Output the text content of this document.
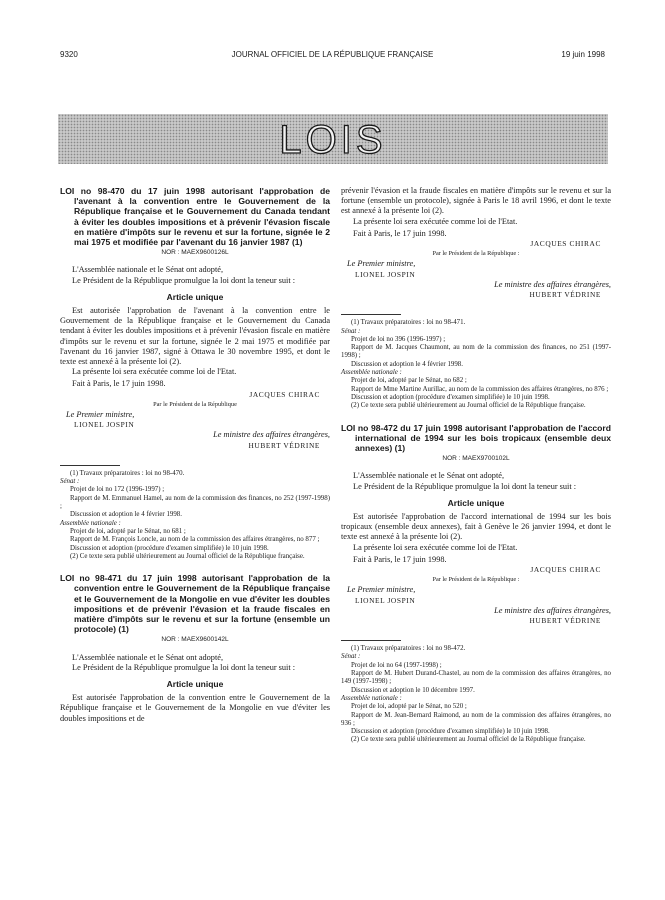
9320	JOURNAL OFFICIEL DE LA RÉPUBLIQUE FRANÇAISE	19 juin 1998
LOIS
LOI no 98-470 du 17 juin 1998 autorisant l'approbation de l'avenant à la convention entre le Gouvernement de la République française et le Gouvernement du Canada tendant à éviter les doubles impositions et à prévenir l'évasion fiscale en matière d'impôts sur le revenu et sur la fortune, signée le 2 mai 1975 et modifiée par l'avenant du 16 janvier 1987 (1)
NOR : MAEX9600126L

L'Assemblée nationale et le Sénat ont adopté,

Le Président de la République promulgue la loi dont la teneur suit :

Article unique

Est autorisée l'approbation de l'avenant à la convention entre le Gouvernement de la République française et le Gouvernement du Canada tendant à éviter les doubles impositions et à prévenir l'évasion fiscale en matière d'impôts sur le revenu et sur la fortune, signée le 2 mai 1975 et modifiée par l'avenant du 16 janvier 1987, signé à Ottawa le 30 novembre 1995, et dont le texte est annexé à la présente loi (2).

La présente loi sera exécutée comme loi de l'Etat.

Fait à Paris, le 17 juin 1998.

JACQUES CHIRAC
Par le Président de la République
Le Premier ministre,
LIONEL JOSPIN
Le ministre des affaires étrangères,
HUBERT VÉDRINE
(1) Travaux préparatoires : loi no 98-470.
Sénat :
Projet de loi no 172 (1996-1997) ;
Rapport de M. Emmanuel Hamel, au nom de la commission des finances, no 252 (1997-1998) ;
Discussion et adoption le 4 février 1998.
Assemblée nationale :
Projet de loi, adopté par le Sénat, no 681 ;
Rapport de M. François Loncle, au nom de la commission des affaires étrangères, no 877 ;
Discussion et adoption (procédure d'examen simplifiée) le 10 juin 1998.
(2) Ce texte sera publié ultérieurement au Journal officiel de la République française.
LOI no 98-471 du 17 juin 1998 autorisant l'approbation de la convention entre le Gouvernement de la République française et le Gouvernement de la Mongolie en vue d'éviter les doubles impositions et de prévenir l'évasion et la fraude fiscales en matière d'impôts sur le revenu et sur la fortune (ensemble un protocole) (1)
NOR : MAEX9600142L

L'Assemblée nationale et le Sénat ont adopté,

Le Président de la République promulgue la loi dont la teneur suit :

Article unique

Est autorisée l'approbation de la convention entre le Gouvernement de la République française et le Gouvernement de la Mongolie en vue d'éviter les doubles impositions et de

prévenir l'évasion et la fraude fiscales en matière d'impôts sur le revenu et sur la fortune (ensemble un protocole), signée à Paris le 18 avril 1996, et dont le texte est annexé à la présente loi (2).

La présente loi sera exécutée comme loi de l'Etat.

Fait à Paris, le 17 juin 1998.

JACQUES CHIRAC
Par le Président de la République :
Le Premier ministre,
LIONEL JOSPIN
Le ministre des affaires étrangères,
HUBERT VÉDRINE
(1) Travaux préparatoires : loi no 98-471.
Sénat :
Projet de loi no 396 (1996-1997) ;
Rapport de M. Jacques Chaumont, au nom de la commission des finances, no 251 (1997-1998) ;
Discussion et adoption le 4 février 1998.
Assemblée nationale :
Projet de loi, adopté par le Sénat, no 682 ;
Rapport de Mme Martine Aurillac, au nom de la commission des affaires étrangères, no 876 ;
Discussion et adoption (procédure d'examen simplifiée) le 10 juin 1998.
(2) Ce texte sera publié ultérieurement au Journal officiel de la République française.
LOI no 98-472 du 17 juin 1998 autorisant l'approbation de l'accord international de 1994 sur les bois tropicaux (ensemble deux annexes) (1)
NOR : MAEX9700102L

L'Assemblée nationale et le Sénat ont adopté,

Le Président de la République promulgue la loi dont la teneur suit :

Article unique

Est autorisée l'approbation de l'accord international de 1994 sur les bois tropicaux (ensemble deux annexes), fait à Genève le 26 janvier 1994, et dont le texte est annexé à la présente loi (2).

La présente loi sera exécutée comme loi de l'Etat.

Fait à Paris, le 17 juin 1998.

JACQUES CHIRAC
Par le Président de la République :
Le Premier ministre,
LIONEL JOSPIN
Le ministre des affaires étrangères,
HUBERT VÉDRINE
(1) Travaux préparatoires : loi no 98-472.
Sénat :
Projet de loi no 64 (1997-1998) ;
Rapport de M. Hubert Durand-Chastel, au nom de la commission des affaires étrangères, no 149 (1997-1998) ;
Discussion et adoption le 10 décembre 1997.
Assemblée nationale :
Projet de loi, adopté par le Sénat, no 520 ;
Rapport de M. Jean-Bernard Raimond, au nom de la commission des affaires étrangères, no 936 ;
Discussion et adoption (procédure d'examen simplifiée) le 10 juin 1998.
(2) Ce texte sera publié ultérieurement au Journal officiel de la République française.
